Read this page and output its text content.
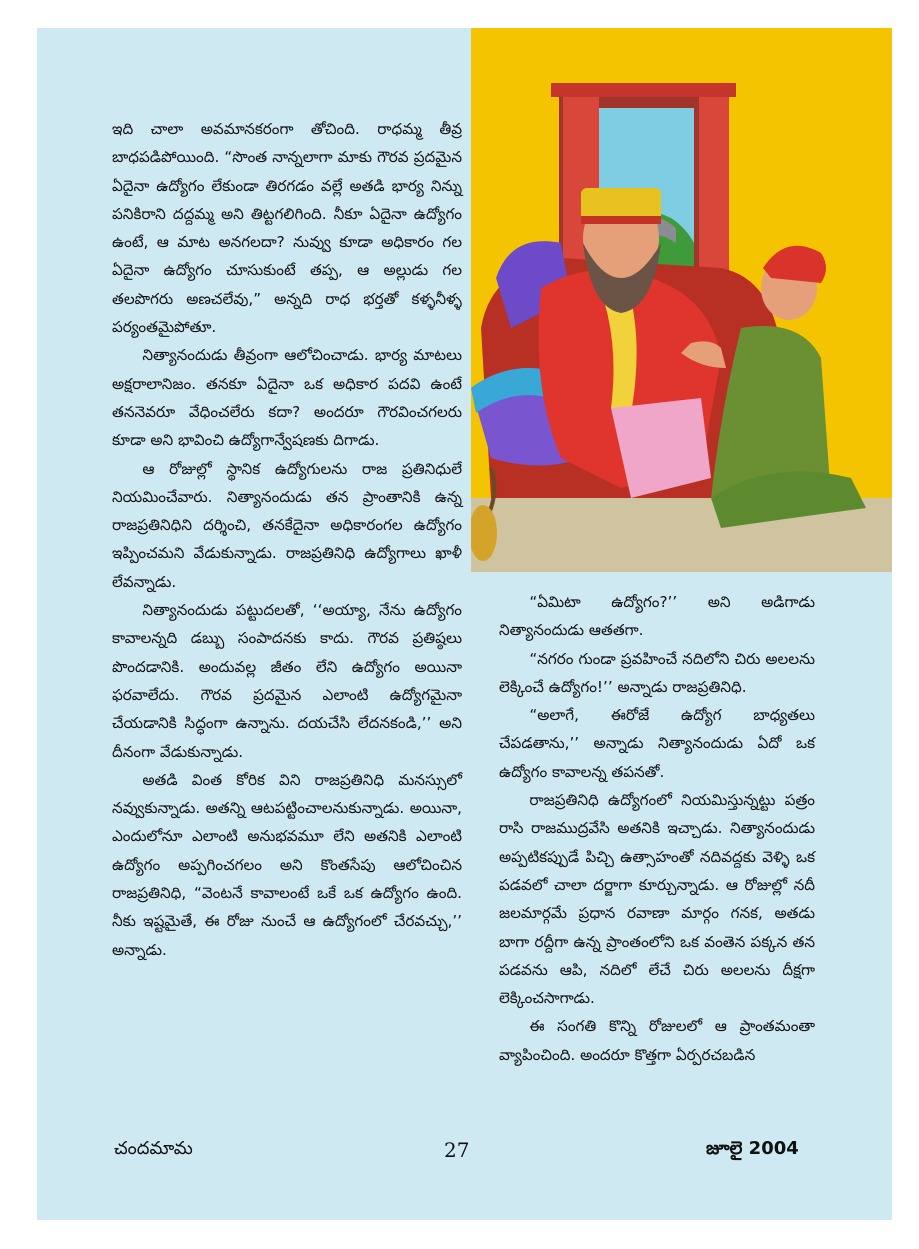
ఇది చాలా అవమానకరంగా తోచింది. రాధమ్మ తీవ్ర బాధపడిపోయింది. “సొంత నాన్నలాగా మాకు గౌరవ ప్రదమైన ఏదైనా ఉద్యోగం లేకుండా తిరగడం వల్లే అతడి భార్య నిన్ను పనికిరాని దద్దమ్మ అని తిట్టగలిగింది. నీకూ ఏదైనా ఉద్యోగం ఉంటే, ఆ మాట అనగలదా? నువ్వు కూడా అధికారం గల ఏదైనా ఉద్యోగం చూసుకుంటే తప్ప, ఆ అల్లుడు గల తలపొగరు అణచలేవు,” అన్నది రాధ భర్తతో కళ్ళనీళ్ళ పర్యంతమైపోతూ.

నిత్యానందుడు తీవ్రంగా ఆలోచించాడు. భార్య మాటలు అక్షరాలానిజం. తనకూ ఏదైనా ఒక అధికార పదవి ఉంటే తననెవరూ వేధించలేరు కదా? అందరూ గౌరవించగలరు కూడా అని భావించి ఉద్యోగాన్వేషణకు దిగాడు.

ఆ రోజుల్లో స్థానిక ఉద్యోగులను రాజ ప్రతినిధులే నియమించేవారు. నిత్యానందుడు తన ప్రాంతానికి ఉన్న రాజప్రతినిధిని దర్శించి, తనకేదైనా అధికారంగల ఉద్యోగం ఇప్పించమని వేడుకున్నాడు. రాజప్రతినిధి ఉద్యోగాలు ఖాళీ లేవన్నాడు.

నిత్యానందుడు పట్టుదలతో, ‘‘అయ్యా, నేను ఉద్యోగం కావాలన్నది డబ్బు సంపాదనకు కాదు. గౌరవ ప్రతిష్ఠలు పొందడానికి. అందువల్ల జీతం లేని ఉద్యోగం అయినా ఫరవాలేదు. గౌరవ ప్రదమైన ఎలాంటి ఉద్యోగమైనా చేయడానికి సిద్ధంగా ఉన్నాను. దయచేసి లేదనకండి,’’ అని దీనంగా వేడుకున్నాడు.

అతడి వింత కోరిక విని రాజప్రతినిధి మనస్సులో నవ్వుకున్నాడు. అతన్ని ఆటపట్టించాలనుకున్నాడు. అయినా, ఎందులోనూ ఎలాంటి అనుభవమూ లేని అతనికి ఎలాంటి ఉద్యోగం అప్పగించగలం అని కొంతసేపు ఆలోచించిన రాజప్రతినిధి, “వెంటనే కావాలంటే ఒకే ఒక ఉద్యోగం ఉంది. నీకు ఇష్టమైతే, ఈ రోజు నుంచే ఆ ఉద్యోగంలో చేరవచ్చు,’’ అన్నాడు.

“ఏమిటా ఉద్యోగం?’’ అని అడిగాడు నిత్యానందుడు ఆతతగా.

“నగరం గుండా ప్రవహించే నదిలోని చిరు అలలను లెక్కించే ఉద్యోగం!’’ అన్నాడు రాజప్రతినిధి.

“అలాగే, ఈరోజే ఉద్యోగ బాధ్యతలు చేపడతాను,’’ అన్నాడు నిత్యానందుడు ఏదో ఒక ఉద్యోగం కావాలన్న తపనతో.

రాజప్రతినిధి ఉద్యోగంలో నియమిస్తున్నట్టు పత్రం రాసి రాజముద్రవేసి అతనికి ఇచ్చాడు. నిత్యానందుడు అప్పటికప్పుడే పిచ్చి ఉత్సాహంతో నదివద్దకు వెళ్ళి ఒక పడవలో చాలా దర్జాగా కూర్చున్నాడు. ఆ రోజుల్లో నదీ జలమార్గమే ప్రధాన రవాణా మార్గం గనక, అతడు బాగా రద్దీగా ఉన్న ప్రాంతంలోని ఒక వంతెన పక్కన తన పడవను ఆపి, నదిలో లేచే చిరు అలలను దీక్షగా లెక్కించసాగాడు.

ఈ సంగతి కొన్ని రోజులలో ఆ ప్రాంతమంతా వ్యాపించింది. అందరూ కొత్తగా ఏర్పరచబడిన

చందమామ	27	జూలై 2004
